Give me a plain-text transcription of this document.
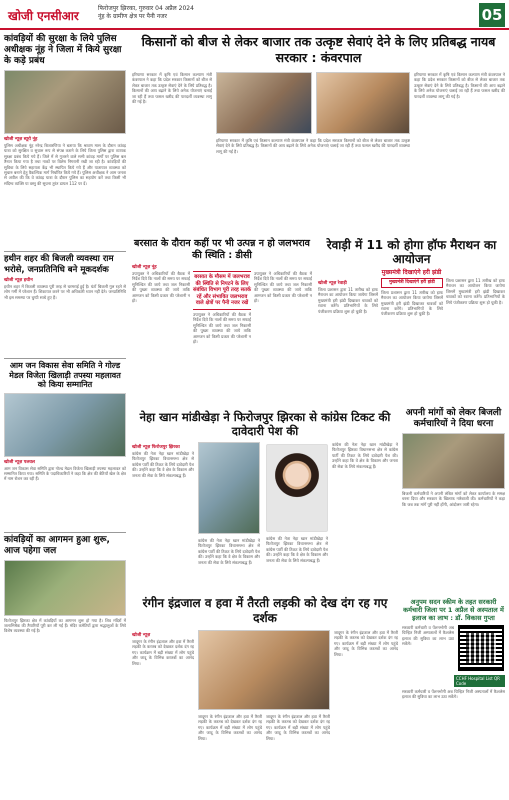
खोजी एनसीआर
फिरोजपुर झिरका, गुरुवार 04 अप्रैल 2024
नूंह के ग्रामीण क्षेत्र पर पैनी नजर	05
कांवड़ियों की सुरक्षा के लिये पुलिस अधीक्षक नूंह ने जिला में किये सुरक्षा के कड़े प्रबंध
खोजी न्यूज़ ब्यूरो नूंह
पुलिस अधीक्षक नूंह नरेन्द्र बिजारणिया ने बताया कि श्रावण मास के दौरान कांवड़ यात्रा को सुरक्षित व सुचारु रूप से संपन्न कराने के लिये जिला पुलिस द्वारा व्यापक सुरक्षा प्रबंध किये गये हैं। जिले में से गुजरने वाले सभी कांवड़ मार्गों पर पुलिस बल तैनात किया गया है तथा नाकों पर विशेष निगरानी रखी जा रही है। कांवड़ियों की सुविधा के लिये सहायता केंद्र भी स्थापित किये गये हैं और यातायात व्यवस्था को सुचारु बनाने हेतु वैकल्पिक मार्ग निर्धारित किये गये हैं। पुलिस अधीक्षक ने आम जनता से अपील की कि वे कांवड़ यात्रा के दौरान पुलिस का सहयोग करें तथा किसी भी संदिग्ध व्यक्ति या वस्तु की सूचना तुरंत डायल 112 पर दें।
हथीन शहर की बिजली व्यवस्था राम भरोसे, जनप्रतिनिधि बने मूकदर्शक
खोजी न्यूज़ हथीन
हथीन शहर में बिजली व्यवस्था पूरी तरह से चरमराई हुई है। घंटों बिजली गुल रहने से लोग गर्मी में परेशान हैं। शिकायत करने पर भी अधिकारी ध्यान नहीं देते। जनप्रतिनिधि भी इस समस्या पर चुप्पी साधे हुए हैं।
आम जन विकास सेवा समिति ने गोल्ड मेडल विजेता खिलाड़ी तपस्या महलावत को किया सम्मानित
खोजी न्यूज़ पलवल
आम जन विकास सेवा समिति द्वारा गोल्ड मेडल विजेता खिलाड़ी तपस्या महलावत को सम्मानित किया गया। समिति के पदाधिकारियों ने कहा कि क्षेत्र की बेटियाँ खेल के क्षेत्र में नाम रोशन कर रही हैं।
कांवड़ियों का आगमन हुआ शुरू, आज पहेगा जल
फिरोजपुर झिरका क्षेत्र में कांवड़ियों का आगमन शुरू हो गया है। शिव मंदिरों में जलाभिषेक की तैयारियाँ पूरी कर ली गई हैं। मंदिर कमेटियों द्वारा श्रद्धालुओं के लिये विशेष व्यवस्था की गई है।
किसानों को बीज से लेकर बाजार तक उत्कृष्ट सेवाएं देने के लिए प्रतिबद्ध नायब सरकार : कंवरपाल
हरियाणा सरकार में कृषि एवं किसान कल्याण मंत्री कंवरपाल ने कहा कि प्रदेश सरकार किसानों को बीज से लेकर बाजार तक उत्कृष्ट सेवाएं देने के लिये प्रतिबद्ध है। किसानों की आय बढ़ाने के लिये अनेक योजनाएं चलाई जा रही हैं तथा फसल खरीद की पारदर्शी व्यवस्था लागू की गई है।
हरियाणा सरकार में कृषि एवं किसान कल्याण मंत्री कंवरपाल ने कहा कि प्रदेश सरकार किसानों को बीज से लेकर बाजार तक उत्कृष्ट सेवाएं देने के लिये प्रतिबद्ध है। किसानों की आय बढ़ाने के लिये अनेक योजनाएं चलाई जा रही हैं तथा फसल खरीद की पारदर्शी व्यवस्था लागू की गई है।
हरियाणा सरकार में कृषि एवं किसान कल्याण मंत्री कंवरपाल ने कहा कि प्रदेश सरकार किसानों को बीज से लेकर बाजार तक उत्कृष्ट सेवाएं देने के लिये प्रतिबद्ध है। किसानों की आय बढ़ाने के लिये अनेक योजनाएं चलाई जा रही हैं तथा फसल खरीद की पारदर्शी व्यवस्था लागू की गई है।
बरसात के दौरान कहीं पर भी उत्पन्न न हो जलभराव की स्थिति : डीसी
खोजी न्यूज़ नूंह
उपायुक्त ने अधिकारियों की बैठक में निर्देश दिये कि नालों की समय पर सफाई सुनिश्चित की जाये तथा जल निकासी की पुख्ता व्यवस्था की जाये ताकि आमजन को किसी प्रकार की परेशानी न हो।
बरसात के मौसम में जलभराव की स्थिति से निपटने के लिए संबंधित विभाग पूरी तरह सतर्क रहें और संभावित जलभराव वाले क्षेत्रों पर पैनी नजर रखें
उपायुक्त ने अधिकारियों की बैठक में निर्देश दिये कि नालों की समय पर सफाई सुनिश्चित की जाये तथा जल निकासी की पुख्ता व्यवस्था की जाये ताकि आमजन को किसी प्रकार की परेशानी न हो।
उपायुक्त ने अधिकारियों की बैठक में निर्देश दिये कि नालों की समय पर सफाई सुनिश्चित की जाये तथा जल निकासी की पुख्ता व्यवस्था की जाये ताकि आमजन को किसी प्रकार की परेशानी न हो।
रेवाड़ी में 11 को होगा हॉफ मैराथन का आयोजन
मुख्यमंत्री दिखाएंगे हरी झंडी
खोजी न्यूज़ रेवाड़ी
जिला प्रशासन द्वारा 11 तारीख को हाफ मैराथन का आयोजन किया जायेगा जिसमें मुख्यमंत्री हरी झंडी दिखाकर धावकों को रवाना करेंगे। प्रतिभागियों के लिये पंजीकरण प्रक्रिया शुरू हो चुकी है।
मुख्यमंत्री दिखाएंगे हरी झंडी
जिला प्रशासन द्वारा 11 तारीख को हाफ मैराथन का आयोजन किया जायेगा जिसमें मुख्यमंत्री हरी झंडी दिखाकर धावकों को रवाना करेंगे। प्रतिभागियों के लिये पंजीकरण प्रक्रिया शुरू हो चुकी है।
जिला प्रशासन द्वारा 11 तारीख को हाफ मैराथन का आयोजन किया जायेगा जिसमें मुख्यमंत्री हरी झंडी दिखाकर धावकों को रवाना करेंगे। प्रतिभागियों के लिये पंजीकरण प्रक्रिया शुरू हो चुकी है।
अपनी मांगों को लेकर बिजली कर्मचारियों ने दिया धरना
बिजली कर्मचारियों ने अपनी लंबित मांगों को लेकर कार्यालय के समक्ष धरना दिया और सरकार के खिलाफ नारेबाजी की। कर्मचारियों ने कहा कि जब तक मांगें पूरी नहीं होंगी, आंदोलन जारी रहेगा।
नेहा खान मांडीखेड़ा ने फिरोजपुर झिरका से कांग्रेस टिकट की दावेदारी पेश की
खोजी न्यूज़ फिरोजपुर झिरका
कांग्रेस की नेता नेहा खान मांडीखेड़ा ने फिरोजपुर झिरका विधानसभा क्षेत्र से कांग्रेस पार्टी की टिकट के लिये दावेदारी पेश की। उन्होंने कहा कि वे क्षेत्र के विकास और जनता की सेवा के लिये संकल्पबद्ध हैं।
कांग्रेस की नेता नेहा खान मांडीखेड़ा ने फिरोजपुर झिरका विधानसभा क्षेत्र से कांग्रेस पार्टी की टिकट के लिये दावेदारी पेश की। उन्होंने कहा कि वे क्षेत्र के विकास और जनता की सेवा के लिये संकल्पबद्ध हैं।
कांग्रेस की नेता नेहा खान मांडीखेड़ा ने फिरोजपुर झिरका विधानसभा क्षेत्र से कांग्रेस पार्टी की टिकट के लिये दावेदारी पेश की। उन्होंने कहा कि वे क्षेत्र के विकास और जनता की सेवा के लिये संकल्पबद्ध हैं।
कांग्रेस की नेता नेहा खान मांडीखेड़ा ने फिरोजपुर झिरका विधानसभा क्षेत्र से कांग्रेस पार्टी की टिकट के लिये दावेदारी पेश की। उन्होंने कहा कि वे क्षेत्र के विकास और जनता की सेवा के लिये संकल्पबद्ध हैं।
रंगीन इंद्रजाल व हवा में तैरती लड़की को देख दंग रह गए दर्शक
खोजी न्यूज़
जादूगर के रंगीन इंद्रजाल और हवा में तैरती लड़की के करतब को देखकर दर्शक दंग रह गए। कार्यक्रम में बड़ी संख्या में लोग पहुंचे और जादू के विभिन्न करतबों का आनंद लिया।
जादूगर के रंगीन इंद्रजाल और हवा में तैरती लड़की के करतब को देखकर दर्शक दंग रह गए। कार्यक्रम में बड़ी संख्या में लोग पहुंचे और जादू के विभिन्न करतबों का आनंद लिया।
जादूगर के रंगीन इंद्रजाल और हवा में तैरती लड़की के करतब को देखकर दर्शक दंग रह गए। कार्यक्रम में बड़ी संख्या में लोग पहुंचे और जादू के विभिन्न करतबों का आनंद लिया।
जादूगर के रंगीन इंद्रजाल और हवा में तैरती लड़की के करतब को देखकर दर्शक दंग रह गए। कार्यक्रम में बड़ी संख्या में लोग पहुंचे और जादू के विभिन्न करतबों का आनंद लिया।
अनुपम सदन स्कीम के तहत सरकारी कर्मचारी जिला पर 1 अप्रैल से अस्पताल में इलाज का लाभ : डॉ. विकास गुप्ता
सरकारी कर्मचारी व पेंशनभोगी अब चिन्हित निजी अस्पतालों में कैशलेस इलाज की सुविधा का लाभ उठा सकेंगे।
CCHF Hospital List QR Code
सरकारी कर्मचारी व पेंशनभोगी अब चिन्हित निजी अस्पतालों में कैशलेस इलाज की सुविधा का लाभ उठा सकेंगे।
